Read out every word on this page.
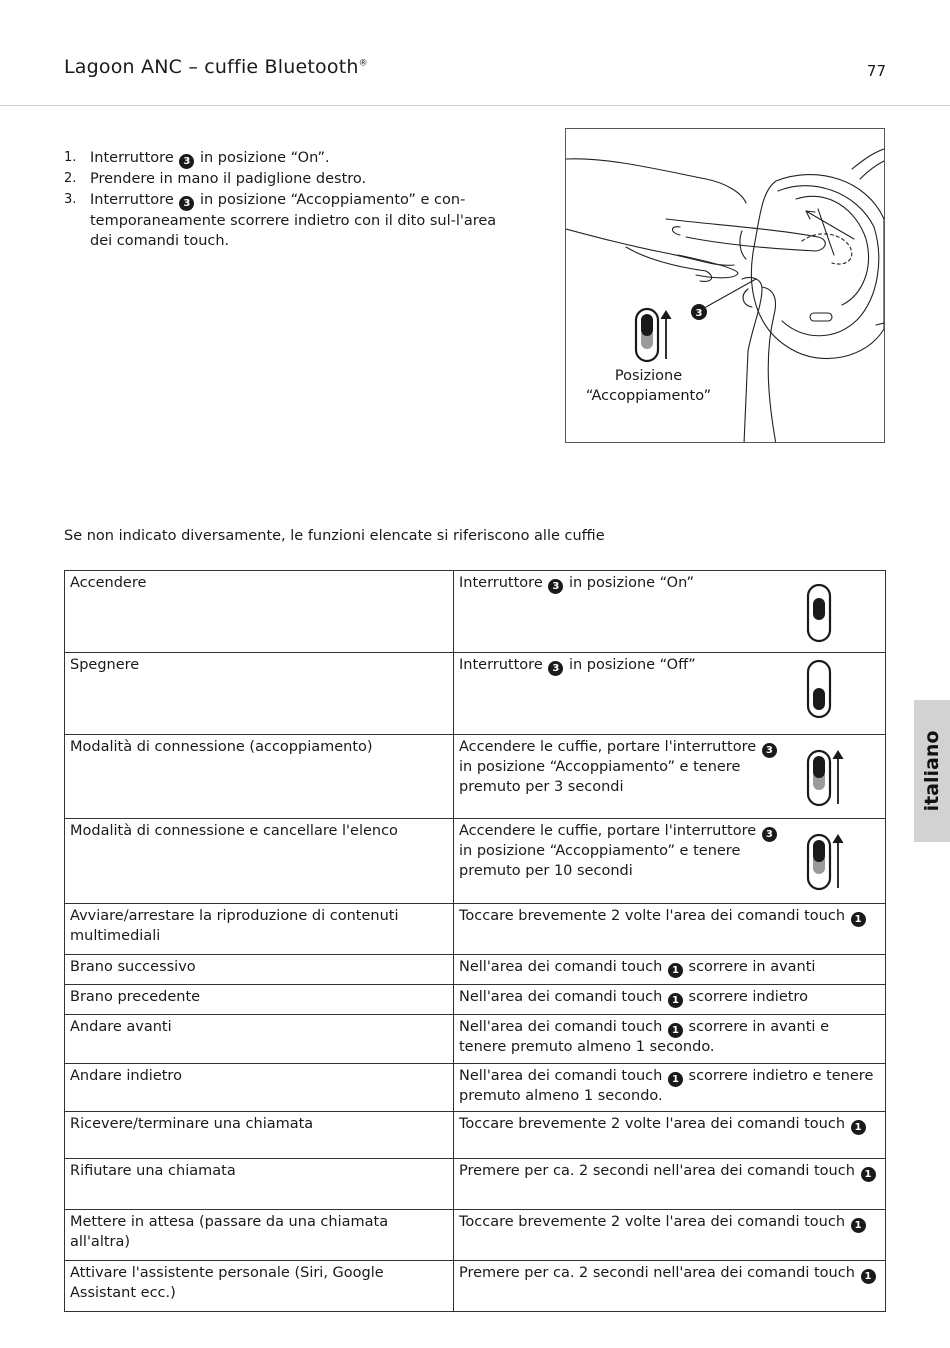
Lagoon ANC – cuffie Bluetooth®	77
1. Interruttore 3 in posizione “On”.
2. Prendere in mano il padiglione destro.
3. Interruttore 3 in posizione “Accoppiamento” e con-temporaneamente scorrere indietro con il dito sul-l'area dei comandi touch.
3
Posizione
“Accoppiamento”
Se non indicato diversamente, le funzioni elencate si riferiscono alle cuffie
Accendere	Interruttore 3 in posizione “On”

Spegnere	Interruttore 3 in posizione “Off”

Modalità di connessione (accoppiamento)	Accendere le cuffie, portare l'interruttore 3 in posizione “Accoppiamento” e tenere premuto per 3 secondi

Modalità di connessione e cancellare l'elenco	Accendere le cuffie, portare l'interruttore 3 in posizione “Accoppiamento” e tenere premuto per 10 secondi

Avviare/arrestare la riproduzione di contenuti multimediali	Toccare brevemente 2 volte l'area dei comandi touch 1
Brano successivo	Nell'area dei comandi touch 1 scorrere in avanti
Brano precedente	Nell'area dei comandi touch 1 scorrere indietro
Andare avanti	Nell'area dei comandi touch 1 scorrere in avanti e tenere premuto almeno 1 secondo.
Andare indietro	Nell'area dei comandi touch 1 scorrere indietro e tenere premuto almeno 1 secondo.
Ricevere/terminare una chiamata	Toccare brevemente 2 volte l'area dei comandi touch 1
Rifiutare una chiamata	Premere per ca. 2 secondi nell'area dei comandi touch 1
Mettere in attesa (passare da una chiamata all'altra)	Toccare brevemente 2 volte l'area dei comandi touch 1
Attivare l'assistente personale (Siri, Google Assistant ecc.)	Premere per ca. 2 secondi nell'area dei comandi touch 1
italiano
